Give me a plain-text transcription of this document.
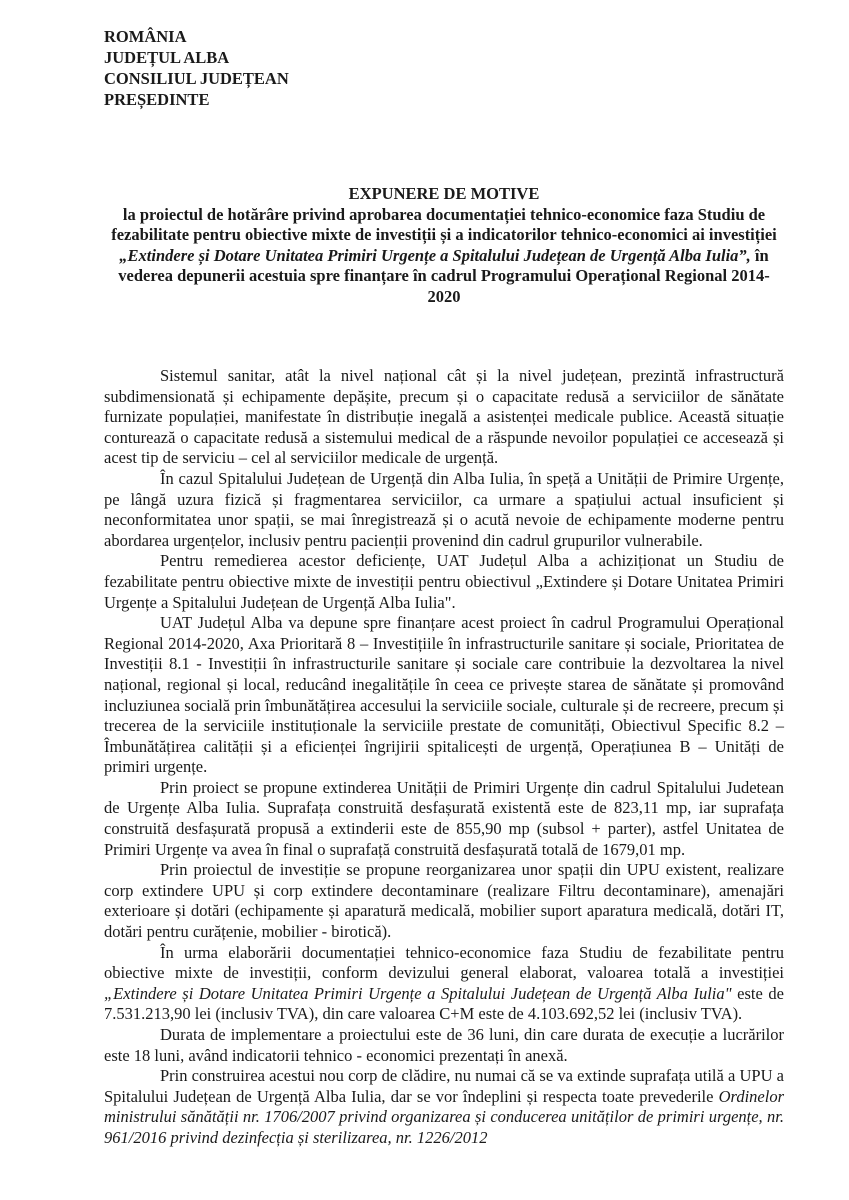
ROMÂNIA
JUDEȚUL ALBA
CONSILIUL JUDEȚEAN
PREȘEDINTE
EXPUNERE DE MOTIVE
la proiectul de hotărâre privind aprobarea documentației tehnico-economice faza Studiu de fezabilitate pentru obiective mixte de investiții și a indicatorilor tehnico-economici ai investiției „Extindere și Dotare Unitatea Primiri Urgențe a Spitalului Județean de Urgență Alba Iulia”, în vederea depunerii acestuia spre finanțare în cadrul Programului Operațional Regional 2014-2020

Sistemul sanitar, atât la nivel național cât și la nivel județean, prezintă infrastructură subdimensionată și echipamente depășite, precum și o capacitate redusă a serviciilor de sănătate furnizate populației, manifestate în distribuție inegală a asistenței medicale publice. Această situație conturează o capacitate redusă a sistemului medical de a răspunde nevoilor populației ce accesează și acest tip de serviciu – cel al serviciilor medicale de urgență.

În cazul Spitalului Județean de Urgență din Alba Iulia, în speță a Unității de Primire Urgențe, pe lângă uzura fizică și fragmentarea serviciilor, ca urmare a spațiului actual insuficient și neconformitatea unor spații, se mai înregistrează și o acută nevoie de echipamente moderne pentru abordarea urgențelor, inclusiv pentru pacienții provenind din cadrul grupurilor vulnerabile.

Pentru remedierea acestor deficiențe, UAT Județul Alba a achiziționat un Studiu de fezabilitate pentru obiective mixte de investiții pentru obiectivul „Extindere și Dotare Unitatea Primiri Urgențe a Spitalului Județean de Urgență Alba Iulia".

UAT Județul Alba va depune spre finanțare acest proiect în cadrul Programului Operațional Regional 2014-2020, Axa Prioritară 8 – Investițiile în infrastructurile sanitare și sociale, Prioritatea de Investiții 8.1 - Investiții în infrastructurile sanitare și sociale care contribuie la dezvoltarea la nivel național, regional și local, reducând inegalitățile în ceea ce privește starea de sănătate și promovând incluziunea socială prin îmbunătățirea accesului la serviciile sociale, culturale și de recreere, precum și trecerea de la serviciile instituționale la serviciile prestate de comunități, Obiectivul Specific 8.2 – Îmbunătățirea calității și a eficienței îngrijirii spitalicești de urgență, Operațiunea B – Unități de primiri urgențe.

Prin proiect se propune extinderea Unității de Primiri Urgențe din cadrul Spitalului Judetean de Urgențe Alba Iulia. Suprafața construită desfașurată existentă este de 823,11 mp, iar suprafața construită desfașurată propusă a extinderii este de 855,90 mp (subsol + parter), astfel Unitatea de Primiri Urgențe va avea în final o suprafață construită desfașurată totală de 1679,01 mp.

Prin proiectul de investiție se propune reorganizarea unor spații din UPU existent, realizare corp extindere UPU și corp extindere decontaminare (realizare Filtru decontaminare), amenajări exterioare și dotări (echipamente și aparatură medicală, mobilier suport aparatura medicală, dotări IT, dotări pentru curățenie, mobilier - birotică).

În urma elaborării documentației tehnico-economice faza Studiu de fezabilitate pentru obiective mixte de investiții, conform devizului general elaborat, valoarea totală a investiției „Extindere și Dotare Unitatea Primiri Urgențe a Spitalului Județean de Urgență Alba Iulia" este de 7.531.213,90 lei (inclusiv TVA), din care valoarea C+M este de 4.103.692,52 lei (inclusiv TVA).

Durata de implementare a proiectului este de 36 luni, din care durata de execuție a lucrărilor este 18 luni, având indicatorii tehnico - economici prezentați în anexă.

Prin construirea acestui nou corp de clădire, nu numai că se va extinde suprafața utilă a UPU a Spitalului Județean de Urgență Alba Iulia, dar se vor îndeplini și respecta toate prevederile Ordinelor ministrului sănătății nr. 1706/2007 privind organizarea și conducerea unităților de primiri urgențe, nr. 961/2016 privind dezinfecția și sterilizarea, nr. 1226/2012
